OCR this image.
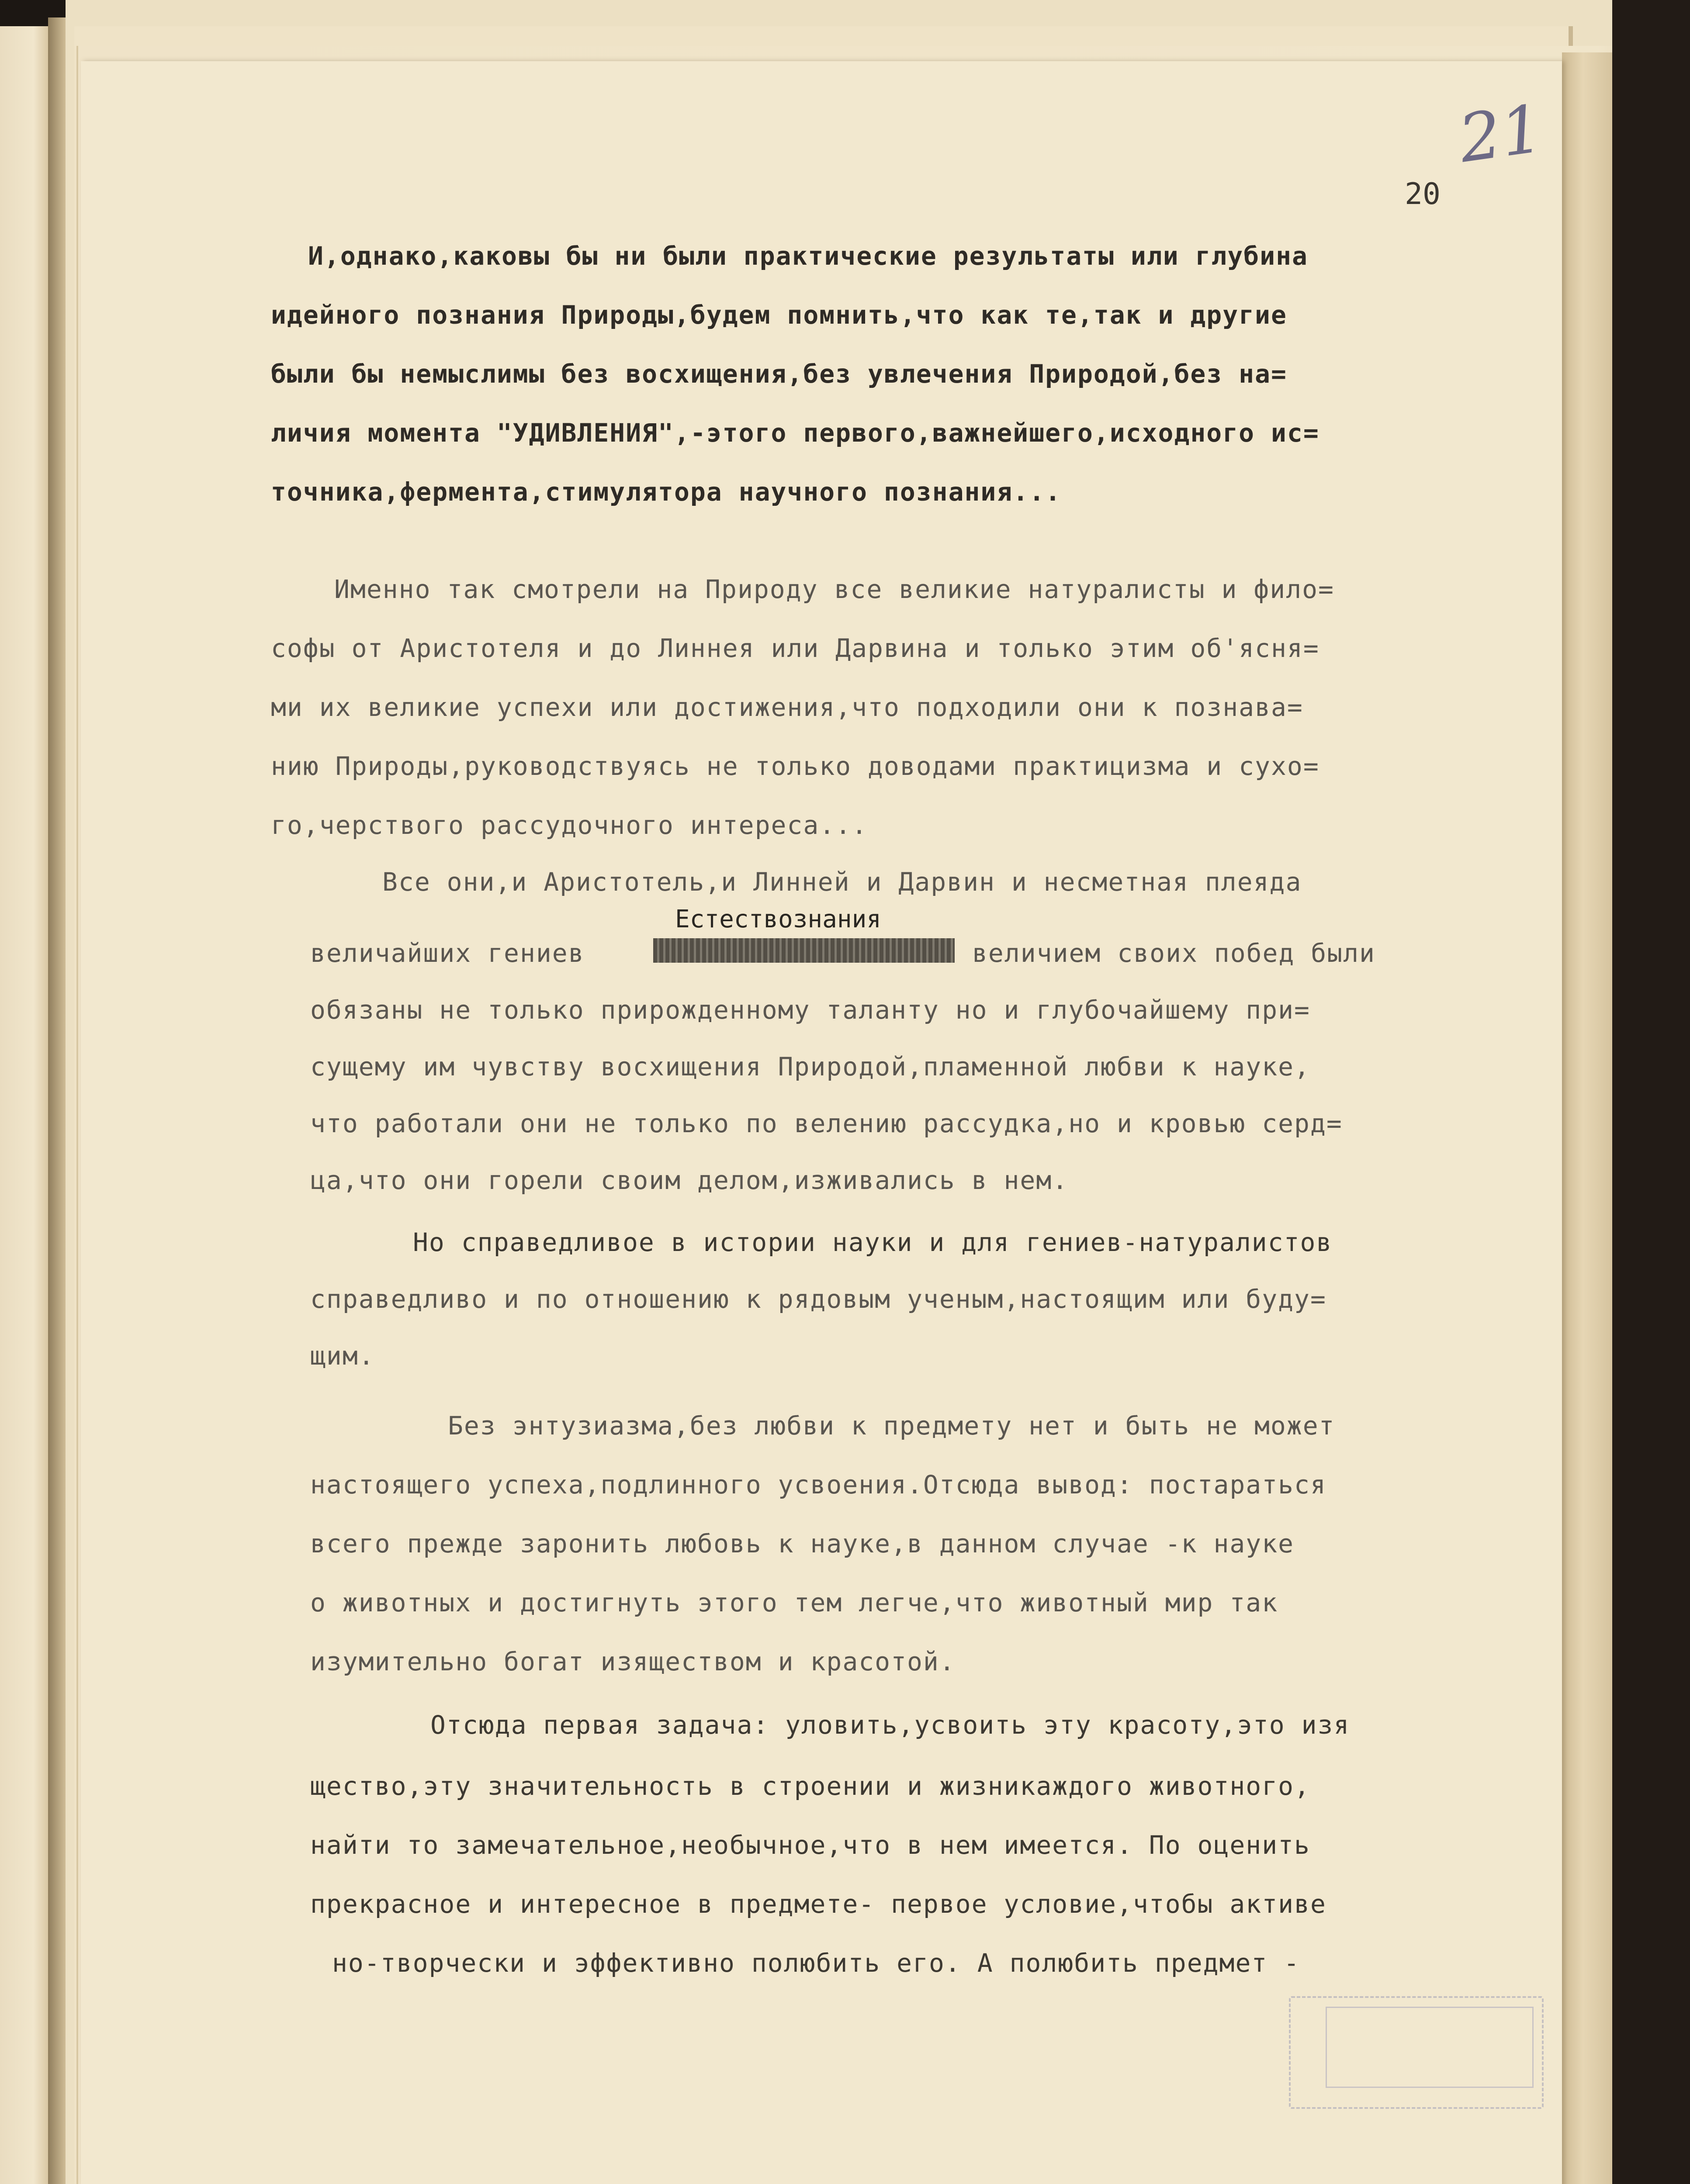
21
20
И,однако,каковы бы ни были практические результаты или глубина
идейного познания Природы,будем помнить,что как те,так и другие
были бы немыслимы без восхищения,без увлечения Природой,без на=
личия момента "УДИВЛЕНИЯ",-этого первого,важнейшего,исходного ис=
точника,фермента,стимулятора научного познания...
Именно так смотрели на Природу все великие натуралисты и фило=
софы от Аристотеля и до Линнея или Дарвина и только этим об'ясня=
ми их великие успехи или достижения,что подходили они к познава=
нию Природы,руководствуясь не только доводами практицизма и сухо=
го,черствого рассудочного интереса...
Все они,и Аристотель,и Линней и Дарвин и несметная плеяда
Естествознания
величайших гениев	величием своих побед были
обязаны не только прирожденному таланту но и глубочайшему при=
сущему им чувству восхищения Природой,пламенной любви к науке,
что работали они не только по велению рассудка,но и кровью серд=
ца,что они горели своим делом,изживались в нем.
Но справедливое в истории науки и для гениев-натуралистов
справедливо и по отношению к рядовым ученым,настоящим или буду=
щим.
Без энтузиазма,без любви к предмету нет и быть не может
настоящего успеха,подлинного усвоения.Отсюда вывод: постараться
всего прежде заронить любовь к науке,в данном случае -к науке
о животных и достигнуть этого тем легче,что животный мир так
изумительно богат изяществом и красотой.
Отсюда первая задача: уловить,усвоить эту красоту,это изя
щество,эту значительность в строении и жизникаждого животного,
найти то замечательное,необычное,что в нем имеется. По оценить
прекрасное и интересное в предмете- первое условие,чтобы активе
но-творчески и эффективно полюбить его. А полюбить предмет -
